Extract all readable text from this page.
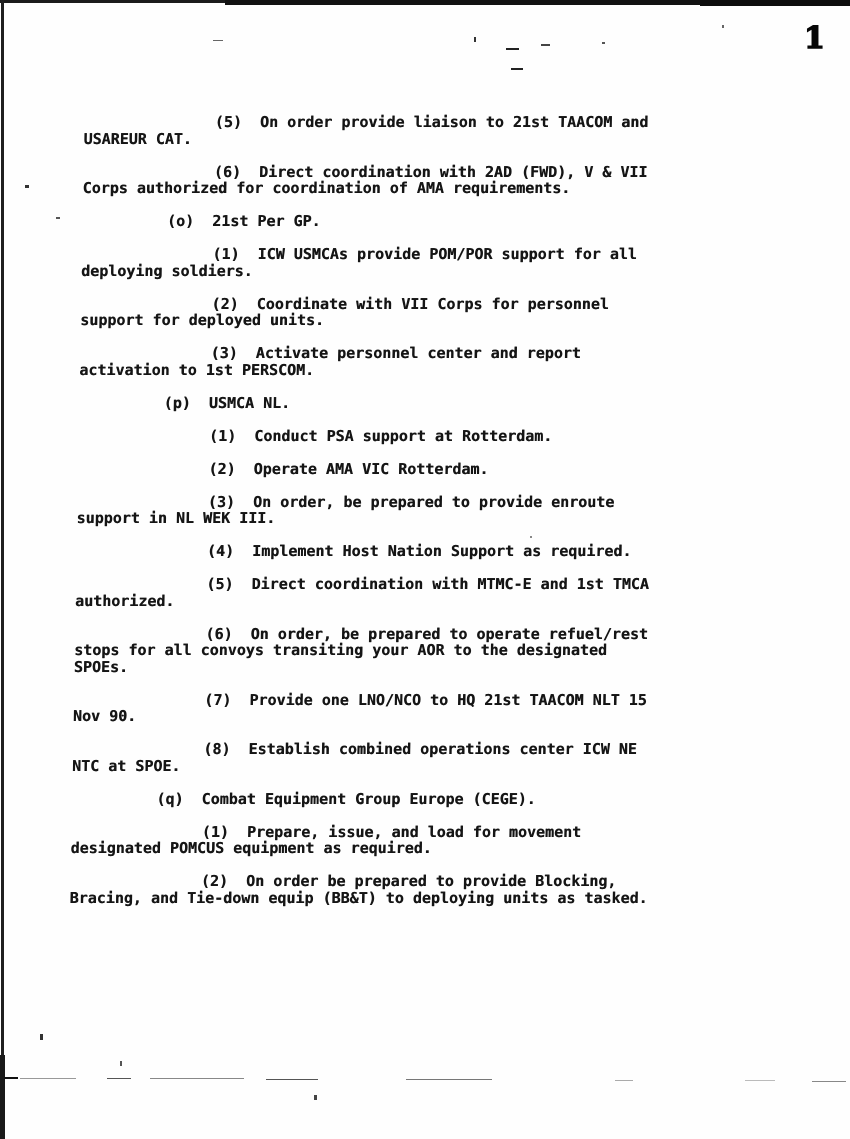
1

(5)  On order provide liaison to 21st TAACOM and
USAREUR CAT.

(6)  Direct coordination with 2AD (FWD), V & VII
Corps authorized for coordination of AMA requirements.

(o)  21st Per GP.

(1)  ICW USMCAs provide POM/POR support for all
deploying soldiers.

(2)  Coordinate with VII Corps for personnel
support for deployed units.

(3)  Activate personnel center and report
activation to 1st PERSCOM.

(p)  USMCA NL.

(1)  Conduct PSA support at Rotterdam.

(2)  Operate AMA VIC Rotterdam.

(3)  On order, be prepared to provide enroute
support in NL WEK III.

(4)  Implement Host Nation Support as required.

(5)  Direct coordination with MTMC-E and 1st TMCA
authorized.

(6)  On order, be prepared to operate refuel/rest
stops for all convoys transiting your AOR to the designated
SPOEs.

(7)  Provide one LNO/NCO to HQ 21st TAACOM NLT 15
Nov 90.

(8)  Establish combined operations center ICW NE
NTC at SPOE.

(q)  Combat Equipment Group Europe (CEGE).

(1)  Prepare, issue, and load for movement
designated POMCUS equipment as required.

(2)  On order be prepared to provide Blocking,
Bracing, and Tie-down equip (BB&T) to deploying units as tasked.
